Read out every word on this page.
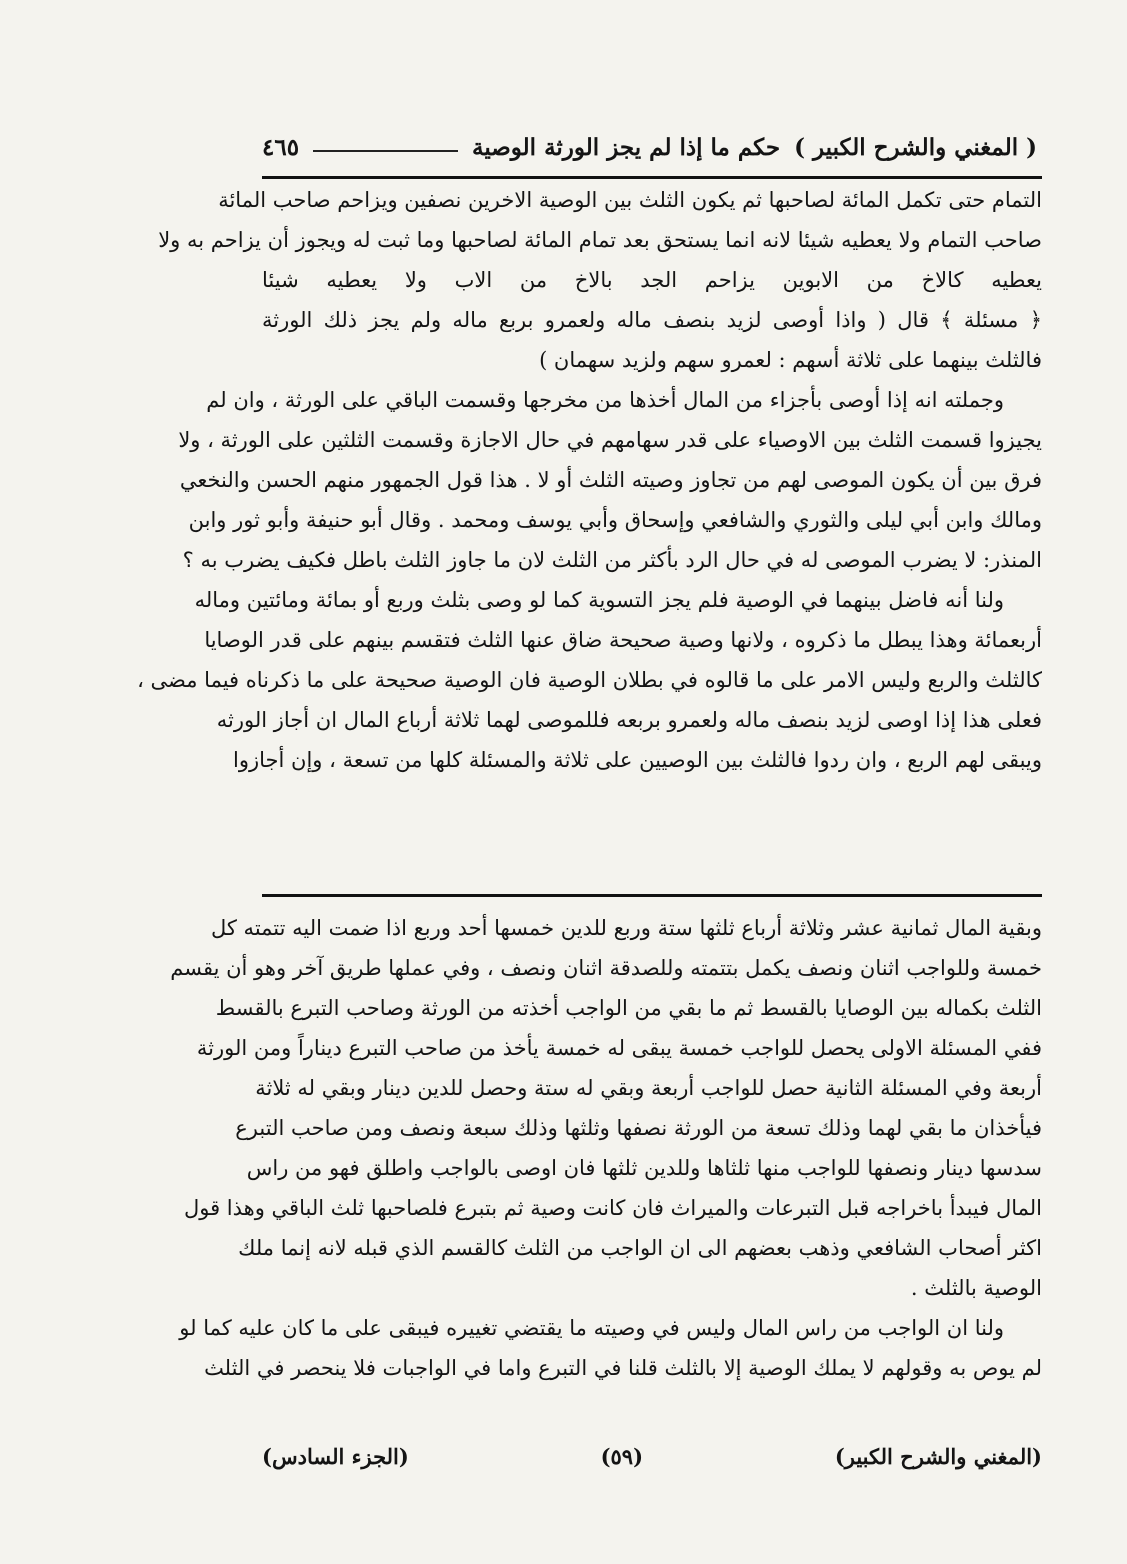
( المغني والشرح الكبير )
حكم ما إذا لم يجز الورثة الوصية
٤٦٥
التمام حتى تكمل المائة لصاحبها ثم يكون الثلث بين الوصية الاخرين نصفين ويزاحم صاحب المائة
صاحب التمام ولا يعطيه شيئا لانه انما يستحق بعد تمام المائة لصاحبها وما ثبت له ويجوز أن يزاحم به ولا
يعطيه كالاخ من الابوين يزاحم الجد بالاخ من الاب ولا يعطيه شيئا
﴿ مسئلة ﴾ قال ( واذا أوصى لزيد بنصف ماله ولعمرو بربع ماله ولم يجز ذلك الورثة
فالثلث بينهما على ثلاثة أسهم : لعمرو سهم ولزيد سهمان )
وجملته انه إذا أوصى بأجزاء من المال أخذها من مخرجها وقسمت الباقي على الورثة ، وان لم
يجيزوا قسمت الثلث بين الاوصياء على قدر سهامهم في حال الاجازة وقسمت الثلثين على الورثة ، ولا
فرق بين أن يكون الموصى لهم من تجاوز وصيته الثلث أو لا . هذا قول الجمهور منهم الحسن والنخعي
ومالك وابن أبي ليلى والثوري والشافعي وإسحاق وأبي يوسف ومحمد . وقال أبو حنيفة وأبو ثور وابن
المنذر: لا يضرب الموصى له في حال الرد بأكثر من الثلث لان ما جاوز الثلث باطل فكيف يضرب به ؟
ولنا أنه فاضل بينهما في الوصية فلم يجز التسوية كما لو وصى بثلث وربع أو بمائة ومائتين وماله
أربعمائة وهذا يبطل ما ذكروه ، ولانها وصية صحيحة ضاق عنها الثلث فتقسم بينهم على قدر الوصايا
كالثلث والربع وليس الامر على ما قالوه في بطلان الوصية فان الوصية صحيحة على ما ذكرناه فيما مضى ،
فعلى هذا إذا اوصى لزيد بنصف ماله ولعمرو بربعه فللموصى لهما ثلاثة أرباع المال ان أجاز الورثه
ويبقى لهم الربع ، وان ردوا فالثلث بين الوصيين على ثلاثة والمسئلة كلها من تسعة ، وإن أجازوا
وبقية المال ثمانية عشر وثلاثة أرباع ثلثها ستة وربع للدين خمسها أحد وربع اذا ضمت اليه تتمته كل
خمسة وللواجب اثنان ونصف يكمل بتتمته وللصدقة اثنان ونصف ، وفي عملها طريق آخر وهو أن يقسم
الثلث بكماله بين الوصايا بالقسط ثم ما بقي من الواجب أخذته من الورثة وصاحب التبرع بالقسط
ففي المسئلة الاولى يحصل للواجب خمسة يبقى له خمسة يأخذ من صاحب التبرع ديناراً ومن الورثة
أربعة وفي المسئلة الثانية حصل للواجب أربعة وبقي له ستة وحصل للدين دينار وبقي له ثلاثة
فيأخذان ما بقي لهما وذلك تسعة من الورثة نصفها وثلثها وذلك سبعة ونصف ومن صاحب التبرع
سدسها دينار ونصفها للواجب منها ثلثاها وللدين ثلثها فان اوصى بالواجب واطلق فهو من راس
المال فيبدأ باخراجه قبل التبرعات والميراث فان كانت وصية ثم بتبرع فلصاحبها ثلث الباقي وهذا قول
اكثر أصحاب الشافعي وذهب بعضهم الى ان الواجب من الثلث كالقسم الذي قبله لانه إنما ملك
الوصية بالثلث .
ولنا ان الواجب من راس المال وليس في وصيته ما يقتضي تغييره فيبقى على ما كان عليه كما لو
لم يوص به وقولهم لا يملك الوصية إلا بالثلث قلنا في التبرع واما في الواجبات فلا ينحصر في الثلث
(المغني والشرح الكبير)
(٥٩)
(الجزء السادس)
